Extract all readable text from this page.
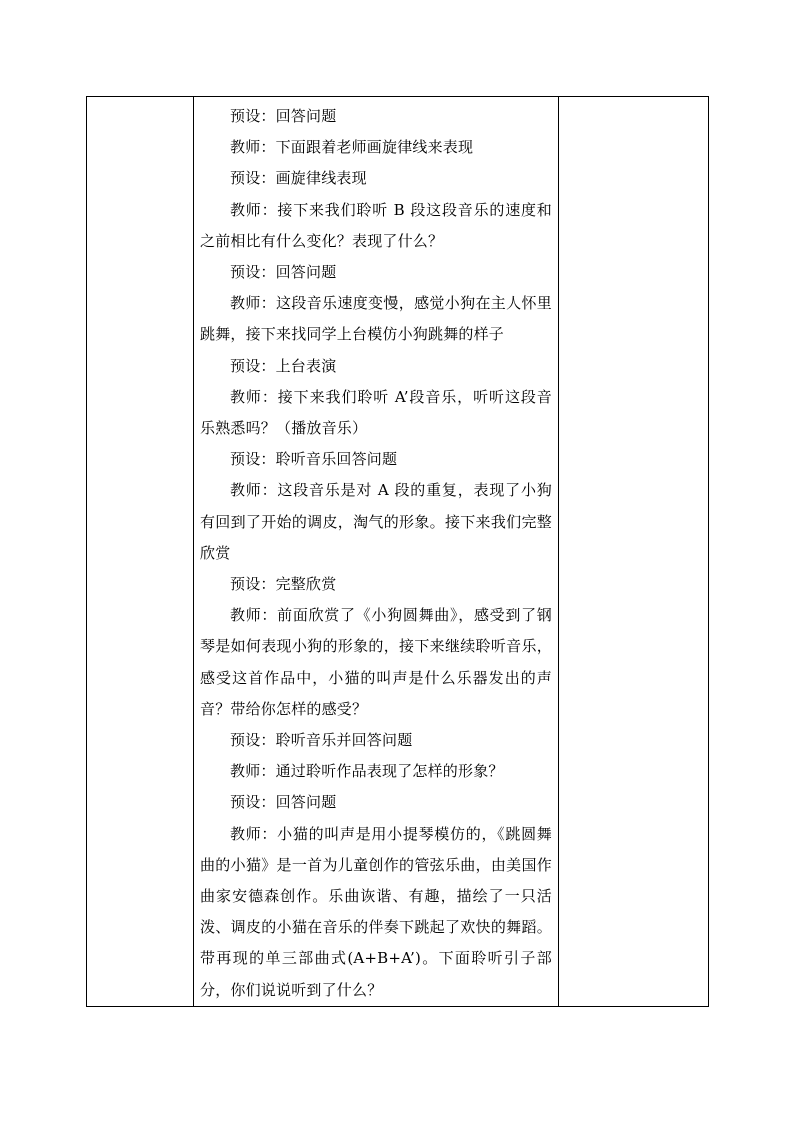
预设：回答问题

教师：下面跟着老师画旋律线来表现

预设：画旋律线表现

教师：接下来我们聆听 B 段这段音乐的速度和之前相比有什么变化？表现了什么？

预设：回答问题

教师：这段音乐速度变慢，感觉小狗在主人怀里跳舞，接下来找同学上台模仿小狗跳舞的样子

预设：上台表演

教师：接下来我们聆听 A’段音乐，听听这段音乐熟悉吗？（播放音乐）

预设：聆听音乐回答问题

教师：这段音乐是对 A 段的重复，表现了小狗有回到了开始的调皮，淘气的形象。接下来我们完整欣赏

预设：完整欣赏

教师：前面欣赏了《小狗圆舞曲》，感受到了钢琴是如何表现小狗的形象的，接下来继续聆听音乐，感受这首作品中，小猫的叫声是什么乐器发出的声音？带给你怎样的感受？

预设：聆听音乐并回答问题

教师：通过聆听作品表现了怎样的形象？

预设：回答问题

教师：小猫的叫声是用小提琴模仿的，《跳圆舞曲的小猫》是一首为儿童创作的管弦乐曲，由美国作曲家安德森创作。乐曲诙谐、有趣，描绘了一只活泼、调皮的小猫在音乐的伴奏下跳起了欢快的舞蹈。带再现的单三部曲式(A+B+A’)。下面聆听引子部分，你们说说听到了什么？
